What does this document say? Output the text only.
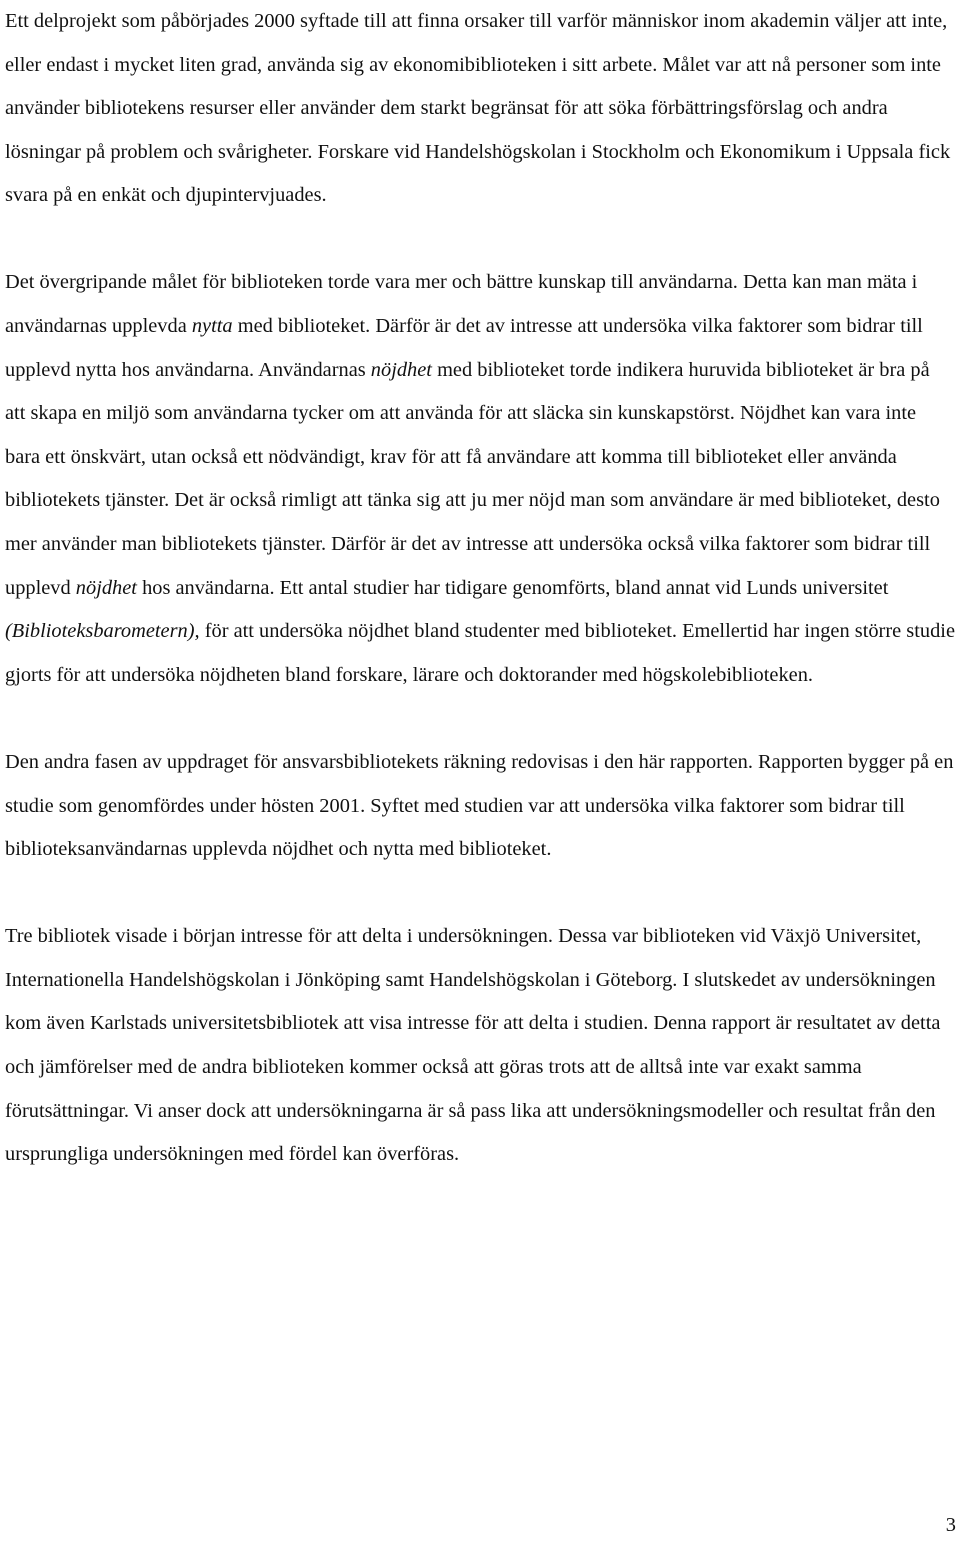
Ett delprojekt som påbörjades 2000 syftade till att finna orsaker till varför människor inom akademin väljer att inte, eller endast i mycket liten grad, använda sig av ekonomibiblioteken i sitt arbete. Målet var att nå personer som inte använder bibliotekens resurser eller använder dem starkt begränsat för att söka förbättringsförslag och andra lösningar på problem och svårigheter. Forskare vid Handelshögskolan i Stockholm och Ekonomikum i Uppsala fick svara på en enkät och djupintervjuades.

Det övergripande målet för biblioteken torde vara mer och bättre kunskap till användarna. Detta kan man mäta i användarnas upplevda nytta med biblioteket. Därför är det av intresse att undersöka vilka faktorer som bidrar till upplevd nytta hos användarna. Användarnas nöjdhet med biblioteket torde indikera huruvida biblioteket är bra på att skapa en miljö som användarna tycker om att använda för att släcka sin kunskapstörst. Nöjdhet kan vara inte bara ett önskvärt, utan också ett nödvändigt, krav för att få användare att komma till biblioteket eller använda bibliotekets tjänster. Det är också rimligt att tänka sig att ju mer nöjd man som användare är med biblioteket, desto mer använder man bibliotekets tjänster. Därför är det av intresse att undersöka också vilka faktorer som bidrar till upplevd nöjdhet hos användarna. Ett antal studier har tidigare genomförts, bland annat vid Lunds universitet (Biblioteksbarometern), för att undersöka nöjdhet bland studenter med biblioteket. Emellertid har ingen större studie gjorts för att undersöka nöjdheten bland forskare, lärare och doktorander med högskolebiblioteken.

Den andra fasen av uppdraget för ansvarsbibliotekets räkning redovisas i den här rapporten. Rapporten bygger på en studie som genomfördes under hösten 2001. Syftet med studien var att undersöka vilka faktorer som bidrar till biblioteksanvändarnas upplevda nöjdhet och nytta med biblioteket.

Tre bibliotek visade i början intresse för att delta i undersökningen. Dessa var biblioteken vid Växjö Universitet, Internationella Handelshögskolan i Jönköping samt Handelshögskolan i Göteborg. I slutskedet av undersökningen kom även Karlstads universitetsbibliotek att visa intresse för att delta i studien. Denna rapport är resultatet av detta och jämförelser med de andra biblioteken kommer också att göras trots att de alltså inte var exakt samma förutsättningar. Vi anser dock att undersökningarna är så pass lika att undersökningsmodeller och resultat från den ursprungliga undersökningen med fördel kan överföras.

3
